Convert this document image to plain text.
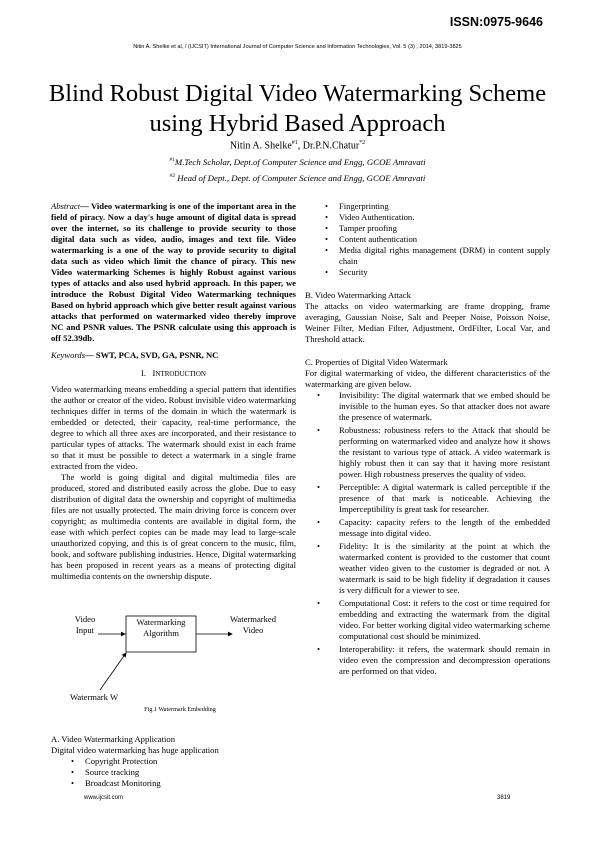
ISSN:0975-9646
Nitin A. Shelke et al, / (IJCSIT) International Journal of Computer Science and Information Technologies, Vol. 5 (3) , 2014, 3819-3825
Blind Robust Digital Video Watermarking Scheme
using Hybrid Based Approach
Nitin A. Shelke$^{\#1}$, Dr.P.N.Chatur$^{*2}$
$^{\#1}$M.Tech Scholar, Dept.of Computer Science and Engg, GCOE Amravati
$^{\#2}$ Head of Dept., Dept. of Computer Science and Engg, GCOE Amravati

Abstract— Video watermarking is one of the important area in the field of piracy. Now a day's huge amount of digital data is spread over the internet, so its challenge to provide security to those digital data such as video, audio, images and text file. Video watermarking is a one of the way to provide security to digital data such as video which limit the chance of piracy. This new Video watermarking Schemes is highly Robust against various types of attacks and also used hybrid approach. In this paper, we introduce the Robust Digital Video Watermarking techniques Based on hybrid approach which give better result against various attacks that performed on watermarked video thereby improve NC and PSNR values. The PSNR calculate using this approach is off 52.39db.

Keywords— SWT, PCA, SVD, GA, PSNR, NC

I. INTRODUCTION

Video watermarking means embedding a special pattern that identifies the author or creator of the video. Robust invisible video watermarking techniques differ in terms of the domain in which the watermark is embedded or detected, their capacity, real-time performance, the degree to which all three axes are incorporated, and their resistance to particular types of attacks. The watermark should exist in each frame so that it must be possible to detect a watermark in a single frame extracted from the video.

The world is going digital and digital multimedia files are produced, stored and distributed easily across the globe. Due to easy distribution of digital data the ownership and copyright of multimedia files are not usually protected. The main driving force is concern over copyright; as multimedia contents are available in digital form, the ease with which perfect copies can be made may lead to large-scale unauthorized copying, and this is of great concern to the music, film, book, and software publishing industries. Hence, Digital watermarking has been proposed in recent years as a means of protecting digital multimedia contents on the ownership dispute.

Video
Input
Watermarking
Algorithm
Watermarked
Video
Watermark W
Fig.1 Watermark Embedding
A. Video Watermarking Application
Digital video watermarking has huge application
• Copyright Protection
• Source tracking
• Broadcast Monitoring
• Fingerprinting
• Video Authentication.
• Tamper proofing
• Content authentication
• Media digital rights management (DRM) in content supply chain
• Security
B. Video Watermarking Attack

The attacks on video watermarking are frame dropping, frame averaging, Gaussian Noise, Salt and Peeper Noise, Poisson Noise, Weiner Filter, Median Filter, Adjustment, OrdFilter, Local Var, and Threshold attack.

C. Properties of Digital Video Watermark

For digital watermarking of video, the different characteristics of the watermarking are given below.

• Invisibility: The digital watermark that we embed should be invisible to the human eyes. So that attacker does not aware the presence of watermark.
• Robustness: robustness refers to the Attack that should be performing on watermarked video and analyze how it shows the resistant to various type of attack. A video watermark is highly robust then it can say that it having more resistant power. High robustness preserves the quality of video.
• Perceptible: A digital watermark is called perceptible if the presence of that mark is noticeable. Achieving the Imperceptibility is great task for researcher.
• Capacity: capacity refers to the length of the embedded message into digital video.
• Fidelity: It is the similarity at the point at which the watermarked content is provided to the customer that count weather video given to the customer is degraded or not. A watermark is said to be high fidelity if degradation it causes is very difficult for a viewer to see.
• Computational Cost: it refers to the cost or time required for embedding and extracting the watermark from the digital video. For better working digital video watermarking scheme computational cost should be minimized.
• Interoperability: it refers, the watermark should remain in video even the compression and decompression operations are performed on that video.
www.ijcsit.com	3819
